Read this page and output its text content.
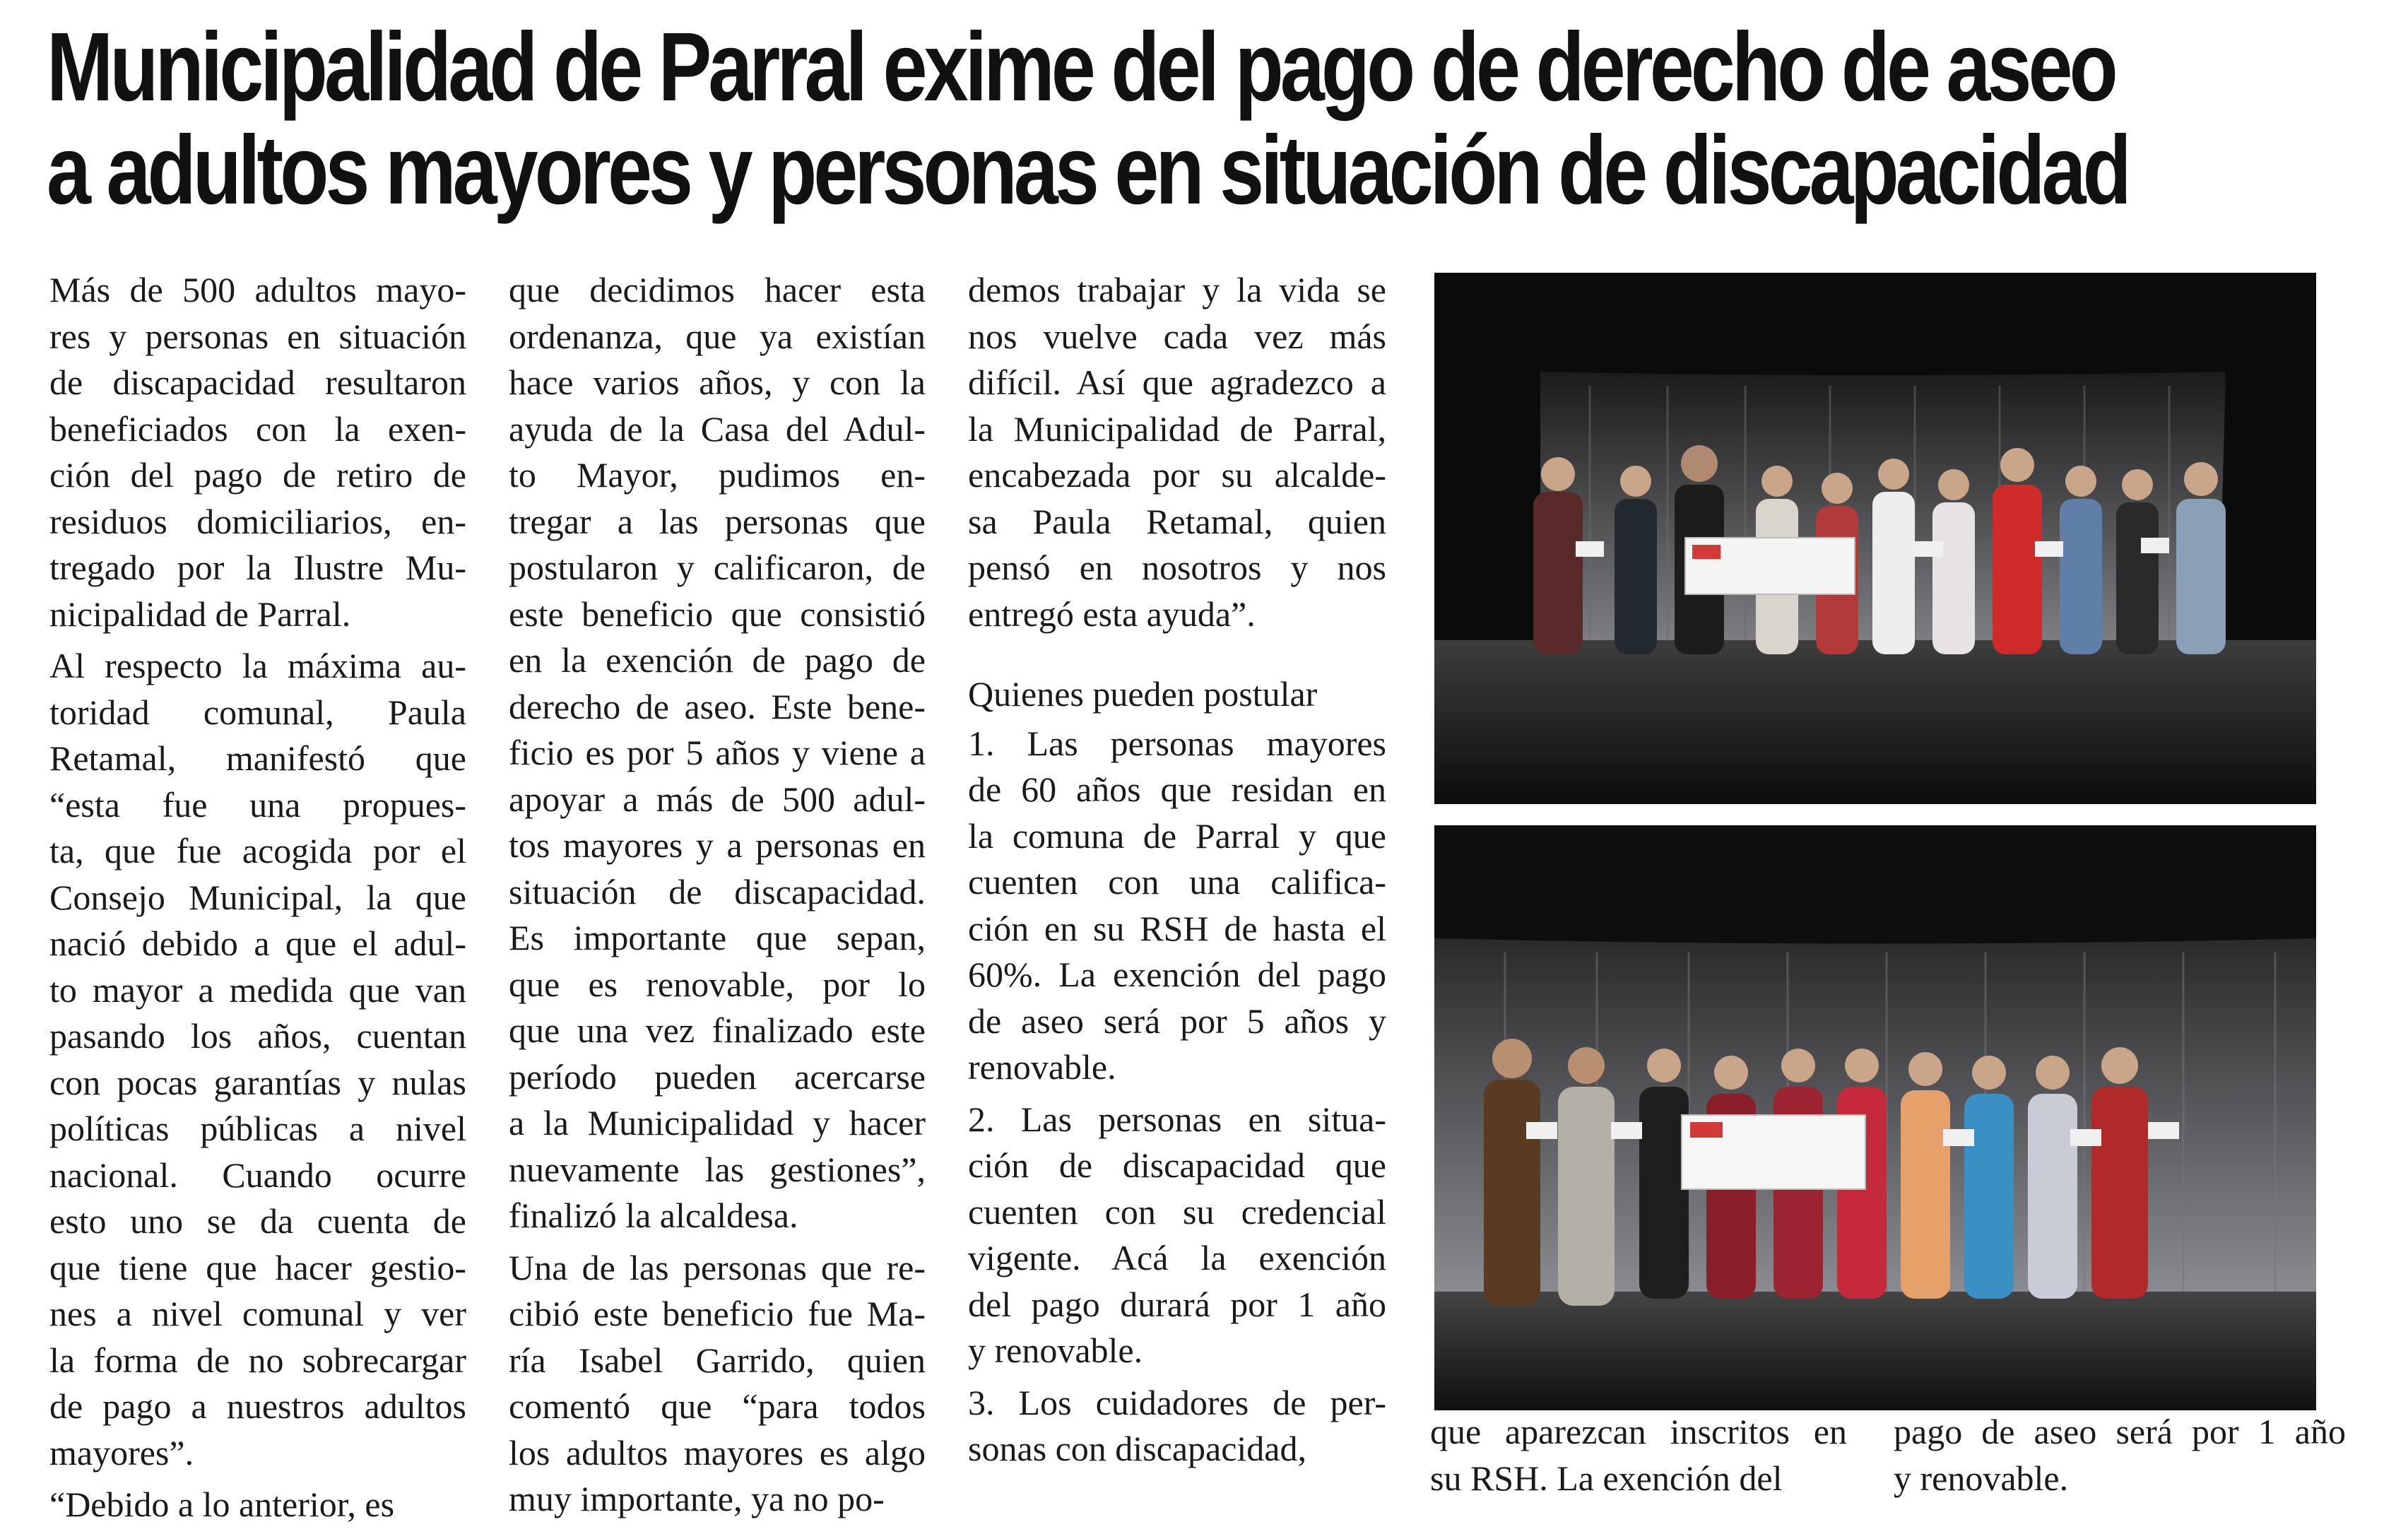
Municipalidad de Parral exime del pago de derecho de aseo
a adultos mayores y personas en situación de discapacidad

Más de 500 adultos mayo-
res y personas en situación
de discapacidad resultaron
beneficiados con la exen-
ción del pago de retiro de
residuos domiciliarios, en-
tregado por la Ilustre Mu-
nicipalidad de Parral.

Al respecto la máxima au-
toridad comunal, Paula
Retamal, manifestó que
“esta fue una propues-
ta, que fue acogida por el
Consejo Municipal, la que
nació debido a que el adul-
to mayor a medida que van
pasando los años, cuentan
con pocas garantías y nulas
políticas públicas a nivel
nacional. Cuando ocurre
esto uno se da cuenta de
que tiene que hacer gestio-
nes a nivel comunal y ver
la forma de no sobrecargar
de pago a nuestros adultos
mayores”.

“Debido a lo anterior, es

que decidimos hacer esta
ordenanza, que ya existían
hace varios años, y con la
ayuda de la Casa del Adul-
to Mayor, pudimos en-
tregar a las personas que
postularon y calificaron, de
este beneficio que consistió
en la exención de pago de
derecho de aseo. Este bene-
ficio es por 5 años y viene a
apoyar a más de 500 adul-
tos mayores y a personas en
situación de discapacidad.
Es importante que sepan,
que es renovable, por lo
que una vez finalizado este
período pueden acercarse
a la Municipalidad y hacer
nuevamente las gestiones”,
finalizó la alcaldesa.

Una de las personas que re-
cibió este beneficio fue Ma-
ría Isabel Garrido, quien
comentó que “para todos
los adultos mayores es algo
muy importante, ya no po-

demos trabajar y la vida se
nos vuelve cada vez más
difícil. Así que agradezco a
la Municipalidad de Parral,
encabezada por su alcalde-
sa Paula Retamal, quien
pensó en nosotros y nos
entregó esta ayuda”.

Quienes pueden postular

1. Las personas mayores
de 60 años que residan en
la comuna de Parral y que
cuenten con una califica-
ción en su RSH de hasta el
60%. La exención del pago
de aseo será por 5 años y
renovable.

2. Las personas en situa-
ción de discapacidad que
cuenten con su credencial
vigente. Acá la exención
del pago durará por 1 año
y renovable.

3. Los cuidadores de per-
sonas con discapacidad,	que aparezcan inscritos en
su RSH. La exención del

pago de aseo será por 1 año
y renovable.
